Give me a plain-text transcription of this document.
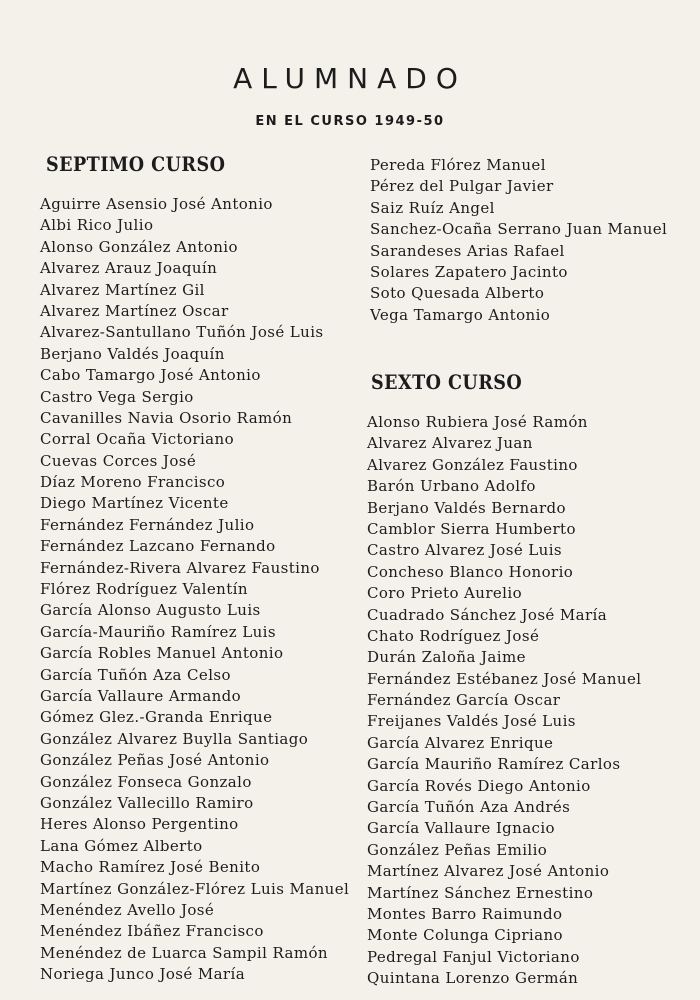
ALUMNADO
EN EL CURSO 1949-50
SEPTIMO CURSO
Aguirre Asensio José Antonio
Albi Rico Julio
Alonso González Antonio
Alvarez Arauz Joaquín
Alvarez Martínez Gil
Alvarez Martínez Oscar
Alvarez-Santullano Tuñón José Luis
Berjano Valdés Joaquín
Cabo Tamargo José Antonio
Castro Vega Sergio
Cavanilles Navia Osorio Ramón
Corral Ocaña Victoriano
Cuevas Corces José
Díaz Moreno Francisco
Diego Martínez Vicente
Fernández Fernández Julio
Fernández Lazcano Fernando
Fernández-Rivera Alvarez Faustino
Flórez Rodríguez Valentín
García Alonso Augusto Luis
García-Mauriño Ramírez Luis
García Robles Manuel Antonio
García Tuñón Aza Celso
García Vallaure Armando
Gómez Glez.-Granda Enrique
González Alvarez Buylla Santiago
González Peñas José Antonio
González Fonseca Gonzalo
González Vallecillo Ramiro
Heres Alonso Pergentino
Lana Gómez Alberto
Macho Ramírez José Benito
Martínez González-Flórez Luis Manuel
Menéndez Avello José
Menéndez Ibáñez Francisco
Menéndez de Luarca Sampil Ramón
Noriega Junco José María
Pereda Flórez Manuel
Pérez del Pulgar Javier
Saiz Ruíz Angel
Sanchez-Ocaña Serrano Juan Manuel
Sarandeses Arias Rafael
Solares Zapatero Jacinto
Soto Quesada Alberto
Vega Tamargo Antonio
SEXTO CURSO
Alonso Rubiera José Ramón
Alvarez Alvarez Juan
Alvarez González Faustino
Barón Urbano Adolfo
Berjano Valdés Bernardo
Camblor Sierra Humberto
Castro Alvarez José Luis
Concheso Blanco Honorio
Coro Prieto Aurelio
Cuadrado Sánchez José María
Chato Rodríguez José
Durán Zaloña Jaime
Fernández Estébanez José Manuel
Fernández García Oscar
Freijanes Valdés José Luis
García Alvarez Enrique
García Mauriño Ramírez Carlos
García Rovés Diego Antonio
García Tuñón Aza Andrés
García Vallaure Ignacio
González Peñas Emilio
Martínez Alvarez José Antonio
Martínez Sánchez Ernestino
Montes Barro Raimundo
Monte Colunga Cipriano
Pedregal Fanjul Victoriano
Quintana Lorenzo Germán
